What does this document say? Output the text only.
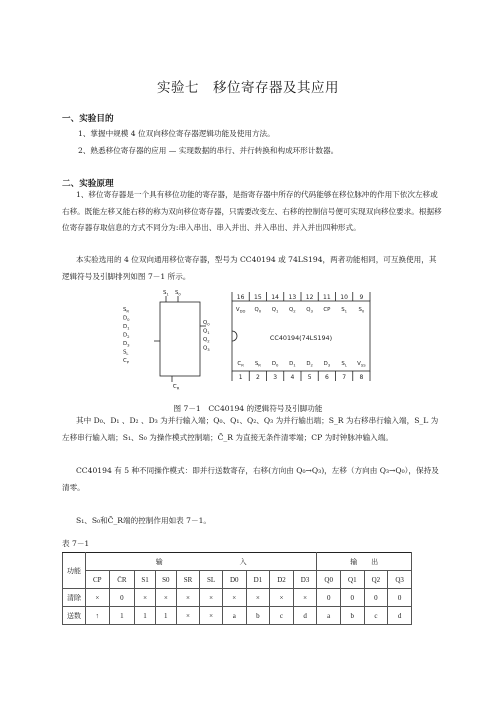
实验七　移位寄存器及其应用
一、实验目的
1、掌握中规模 4 位双向移位寄存器逻辑功能及使用方法。
2、熟悉移位寄存器的应用 — 实现数据的串行、并行转换和构成环形计数器。
二、实验原理
1、移位寄存器是一个具有移位功能的寄存器，是指寄存器中所存的代码能够在移位脉冲的作用下依次左移或右移。既能左移又能右移的称为双向移位寄存器，只需要改变左、右移的控制信号便可实现双向移位要求。根据移位寄存器存取信息的方式不同分为:串入串出、串入并出、并入串出、并入并出四种形式。
本实验选用的 4 位双向通用移位寄存器，型号为 CC40194 或 74LS194，两者功能相同，可互换使用，其逻辑符号及引脚排列如图 7－1 所示。
$S_R$
$D_0$
$D_1$
$D_2$
$D_3$
$S_L$
$C_P$
$S_1$ $S_0$
$Q_0$
$Q_1$
$Q_2$
$Q_3$
$C_R$
16
$V_{DD}$
15
$Q_0$
14
$Q_1$
13
$Q_2$
12
$Q_3$
11
CP
10
$S_1$
9
$S_0$
$C_R$
1
$S_R$
2
$D_0$
3
$D_1$
4
$D_2$
5
$D_3$
6
$S_L$
7
$V_{SS}$
8
CC40194(74LS194)
图 7－1　CC40194 的逻辑符号及引脚功能
其中 D₀、D₁ 、D₂ 、D₃ 为并行输入端；Q₀、Q₁、Q₂、Q₃ 为并行输出端；S_R 为右移串行输入端，S_L 为左移串行输入端；S₁、S₀ 为操作模式控制端；C̄_R 为直接无条件清零端；CP 为时钟脉冲输入端。
CC40194 有 5 种不同操作模式：即并行送数寄存，右移(方向由 Q₀→Q₃)，左移（方向由 Q₃→Q₀），保持及清零。
S₁、S₀和C̄_R端的控制作用如表 7－1。
表 7－1
功能	输　　　　　　　　　　　入										输　　出			
	CP	C̄R	S1	S0	SR	SL	D0	D1	D2	D3	Q0	Q1	Q2	Q3
清除	×	0	×	×	×	×	×	×	×	×	0	0	0	0
送数	↑	1	1	1	×	×	a	b	c	d	a	b	c	d
